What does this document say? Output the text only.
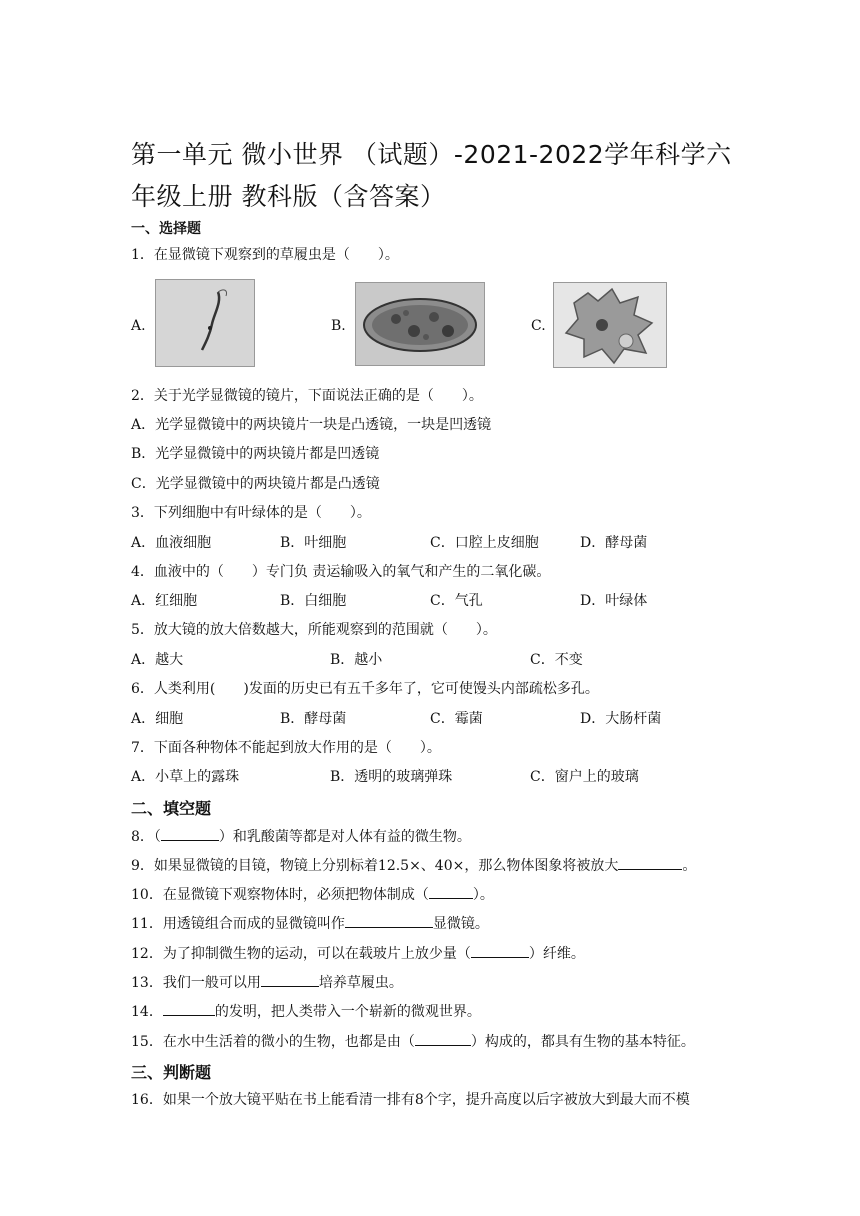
第一单元 微小世界 （试题）-2021-2022学年科学六年级上册 教科版（含答案）
一、选择题
1．在显微镜下观察到的草履虫是（　　）。
A.	B.	C.
2．关于光学显微镜的镜片，下面说法正确的是（　　）。
A．光学显微镜中的两块镜片一块是凸透镜，一块是凹透镜
B．光学显微镜中的两块镜片都是凹透镜
C．光学显微镜中的两块镜片都是凸透镜
3．下列细胞中有叶绿体的是（　　）。
A．血液细胞	B．叶细胞	C．口腔上皮细胞	D．酵母菌
4．血液中的（　　）专门负 责运输吸入的氧气和产生的二氧化碳。
A．红细胞	B．白细胞	C．气孔	D．叶绿体
5．放大镜的放大倍数越大，所能观察到的范围就（　　）。
A．越大	B．越小	C．不变
6．人类利用(　　)发面的历史已有五千多年了，它可使馒头内部疏松多孔。
A．细胞	B．酵母菌	C．霉菌	D．大肠杆菌
7．下面各种物体不能起到放大作用的是（　　）。
A．小草上的露珠	B．透明的玻璃弹珠	C．窗户上的玻璃
二、填空题
8．（	）和乳酸菌等都是对人体有益的微生物。
9．如果显微镜的目镜，物镜上分别标着12.5×、40×，那么物体图象将被放大	。
10．在显微镜下观察物体时，必须把物体制成（	）。
11．用透镜组合而成的显微镜叫作	显微镜。
12．为了抑制微生物的运动，可以在载玻片上放少量（	）纤维。
13．我们一般可以用	培养草履虫。
14．	的发明，把人类带入一个崭新的微观世界。
15．在水中生活着的微小的生物，也都是由（	）构成的，都具有生物的基本特征。
三、判断题
16．如果一个放大镜平贴在书上能看清一排有8个字，提升高度以后字被放大到最大而不模
